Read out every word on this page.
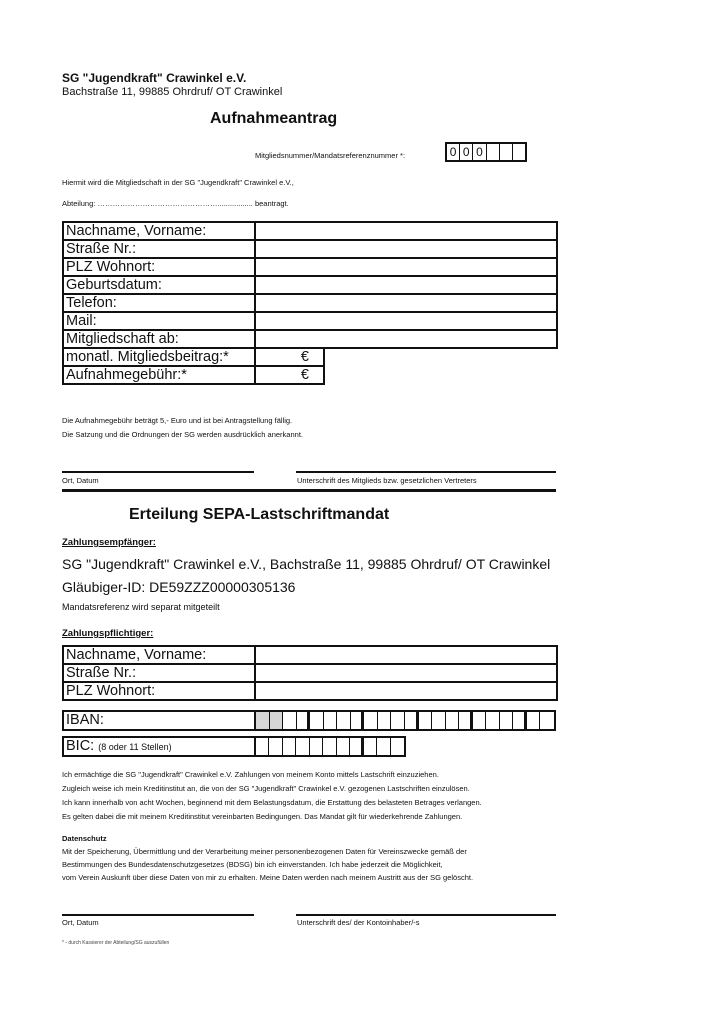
SG "Jugendkraft" Crawinkel e.V.
Bachstraße 11, 99885 Ohrdruf/ OT Crawinkel
Aufnahmeantrag
Mitgliedsnummer/Mandatsreferenznummer *:	0 0 0
Hiermit wird die Mitgliedschaft in der SG "Jugendkraft" Crawinkel e.V.,
Abteilung: …………………………………………................. beantragt.
Nachname, Vorname:		
Straße Nr.:		
PLZ Wohnort:		
Geburtsdatum:		
Telefon:		
Mail:		
Mitgliedschaft ab:		
monatl. Mitgliedsbeitrag:*	€	
Aufnahmegebühr:*	€	
Die Aufnahmegebühr beträgt 5,- Euro und ist bei Antragstellung fällig.
Die Satzung und die Ordnungen der SG werden ausdrücklich anerkannt.
Ort, Datum	Unterschrift des Mitglieds bzw. gesetzlichen Vertreters
Erteilung SEPA-Lastschriftmandat
Zahlungsempfänger:
SG "Jugendkraft" Crawinkel e.V., Bachstraße 11, 99885 Ohrdruf/ OT Crawinkel
Gläubiger-ID: DE59ZZZ00000305136
Mandatsreferenz wird separat mitgeteilt
Zahlungspflichtiger:
Nachname, Vorname:	
Straße Nr.:	
PLZ Wohnort:	
IBAN:
BIC: (8 oder 11 Stellen)
Ich ermächtige die SG "Jugendkraft" Crawinkel e.V. Zahlungen von meinem Konto mittels Lastschrift einzuziehen.
Zugleich weise ich mein Kreditinstitut an, die von der SG "Jugendkraft" Crawinkel e.V. gezogenen Lastschriften einzulösen.
Ich kann innerhalb von acht Wochen, beginnend mit dem Belastungsdatum, die Erstattung des belasteten Betrages verlangen.
Es gelten dabei die mit meinem Kreditinstitut vereinbarten Bedingungen. Das Mandat gilt für wiederkehrende Zahlungen.
Datenschutz
Mit der Speicherung, Übermittlung und der Verarbeitung meiner personenbezogenen Daten für Vereinszwecke gemäß der
Bestimmungen des Bundesdatenschutzgesetzes (BDSG) bin ich einverstanden. Ich habe jederzeit die Möglichkeit,
vom Verein Auskunft über diese Daten von mir zu erhalten. Meine Daten werden nach meinem Austritt aus der SG gelöscht.
Ort, Datum	Unterschrift des/ der Kontoinhaber/-s
* - durch Kassierer der Abteilung/SG auszufüllen
